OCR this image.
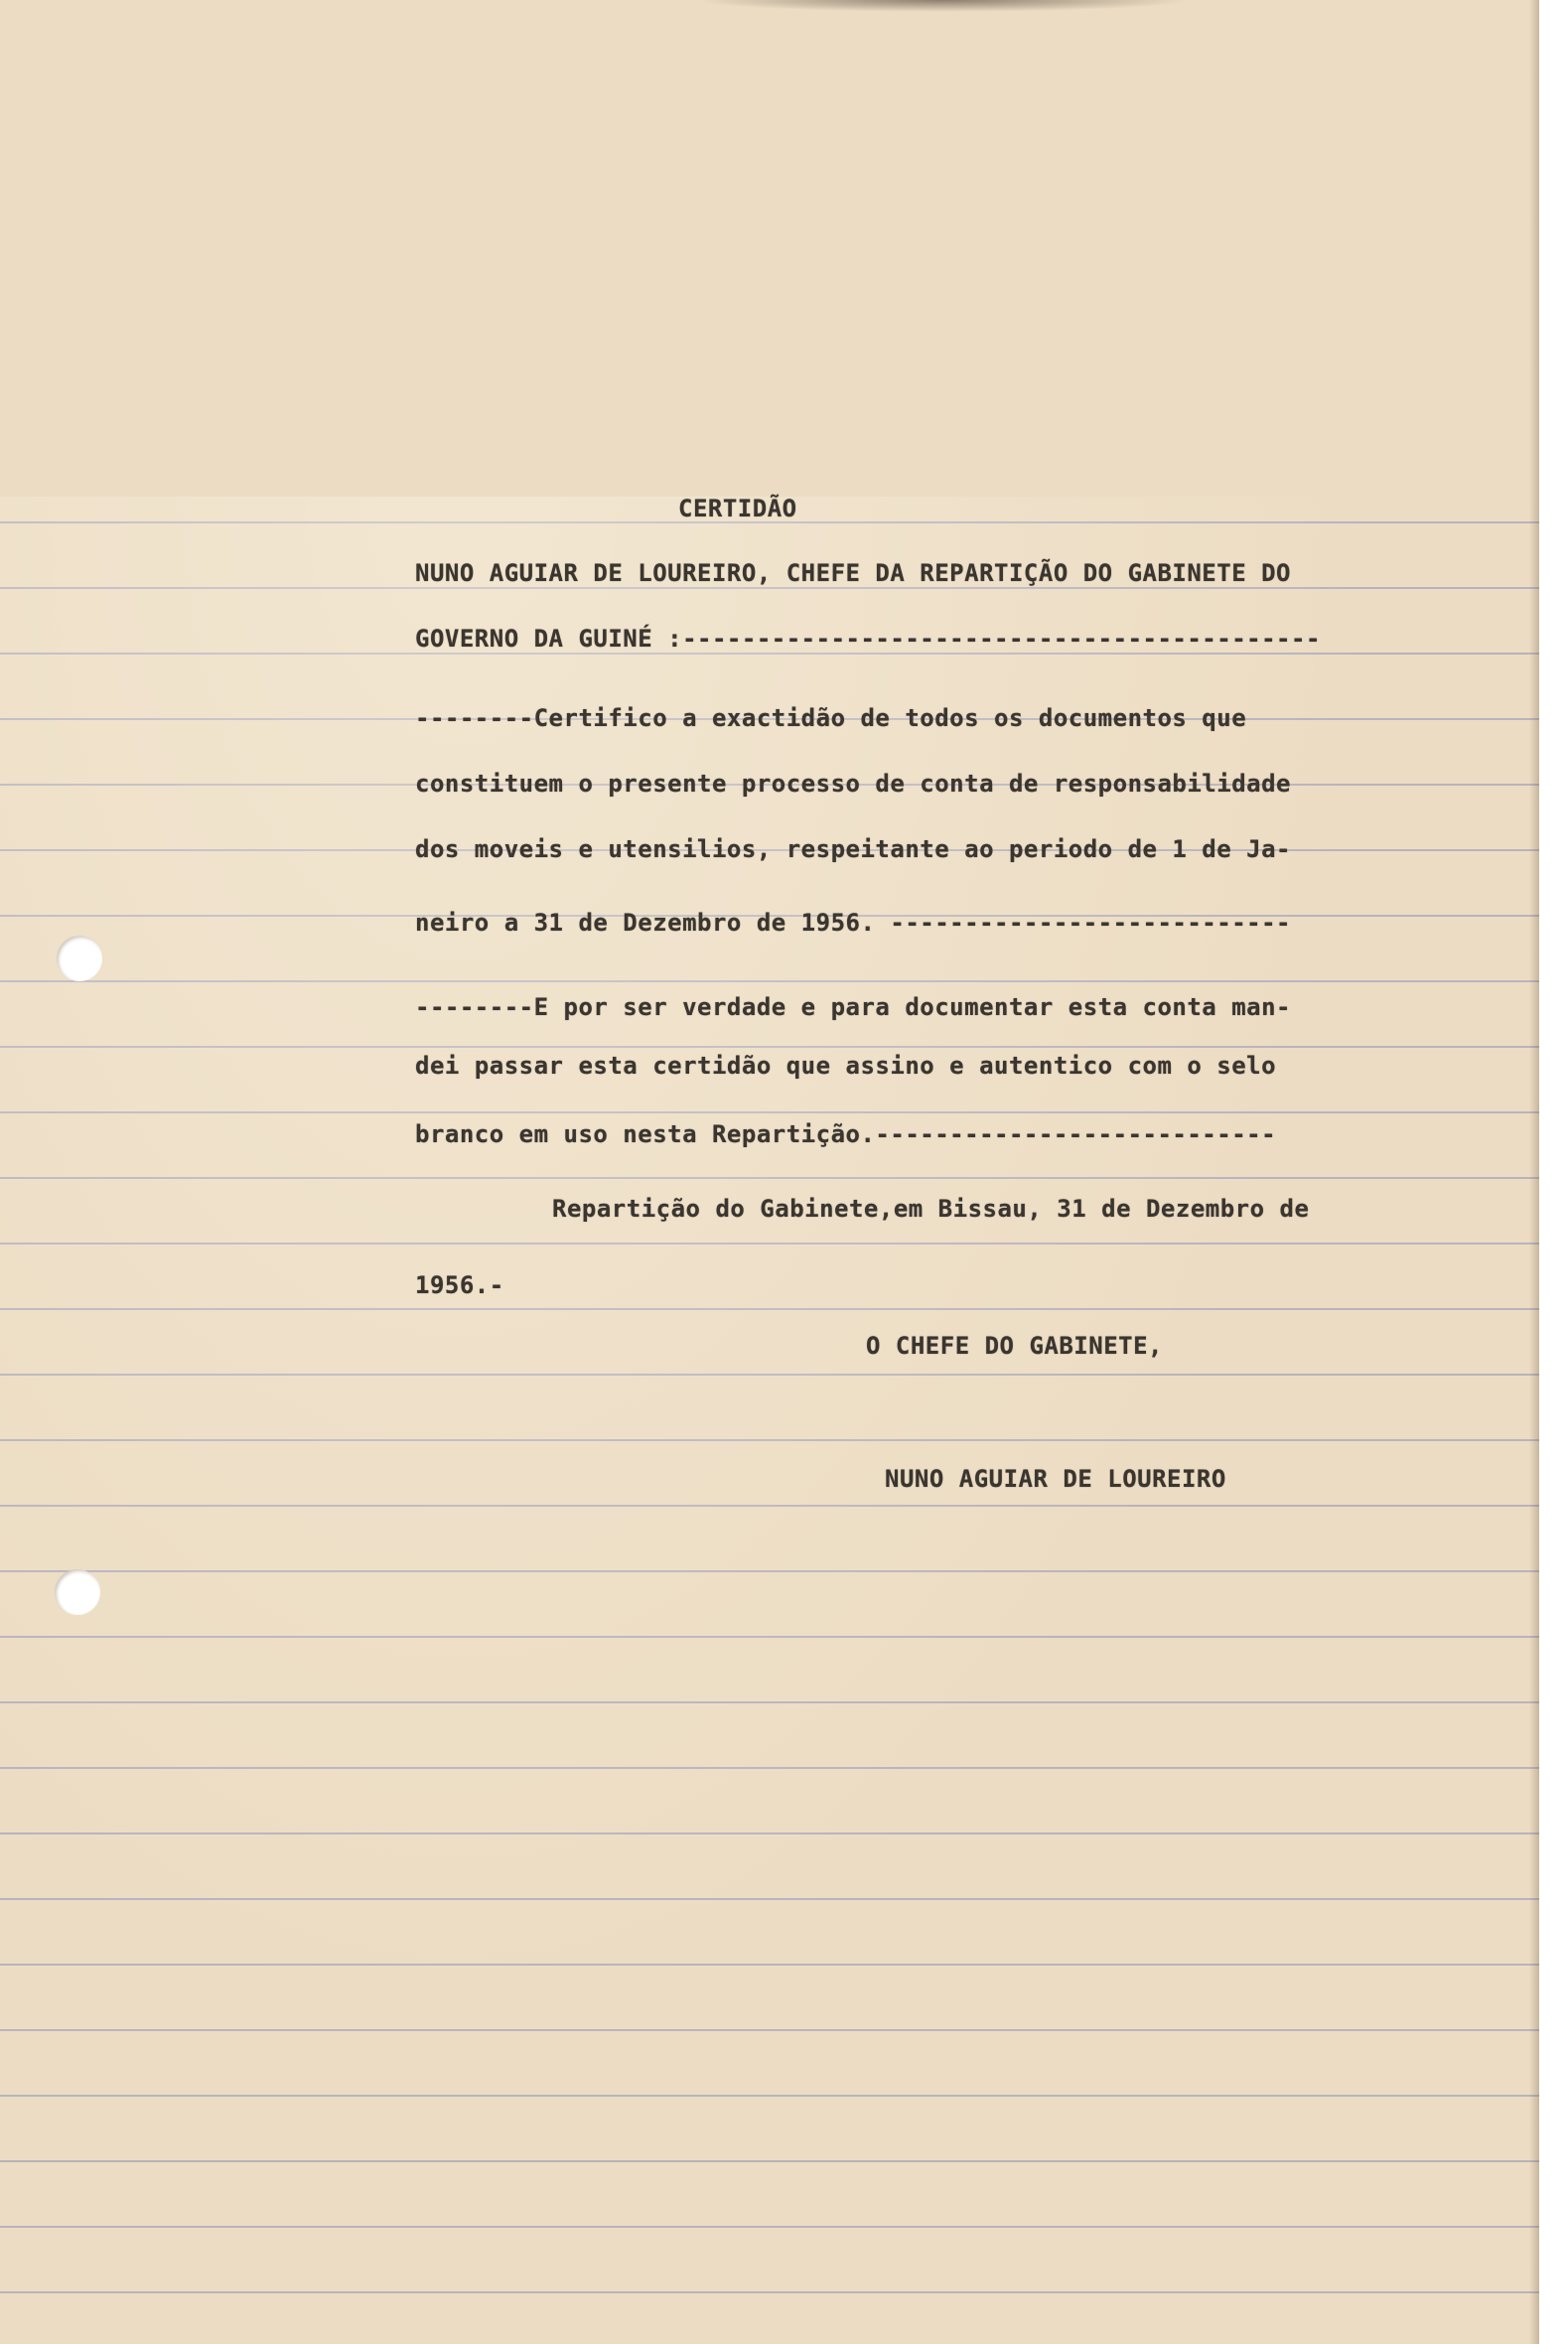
CERTIDÃO
NUNO AGUIAR DE LOUREIRO, CHEFE DA REPARTIÇÃO DO GABINETE DO
GOVERNO DA GUINÉ :-------------------------------------------
--------Certifico a exactidão de todos os documentos que
constituem o presente processo de conta de responsabilidade
dos moveis e utensilios, respeitante ao periodo de 1 de Ja-
neiro a 31 de Dezembro de 1956. ---------------------------
--------E por ser verdade e para documentar esta conta man-
dei passar esta certidão que assino e autentico com o selo
branco em uso nesta Repartição.---------------------------
Repartição do Gabinete,em Bissau, 31 de Dezembro de
1956.-
O CHEFE DO GABINETE,
NUNO AGUIAR DE LOUREIRO
